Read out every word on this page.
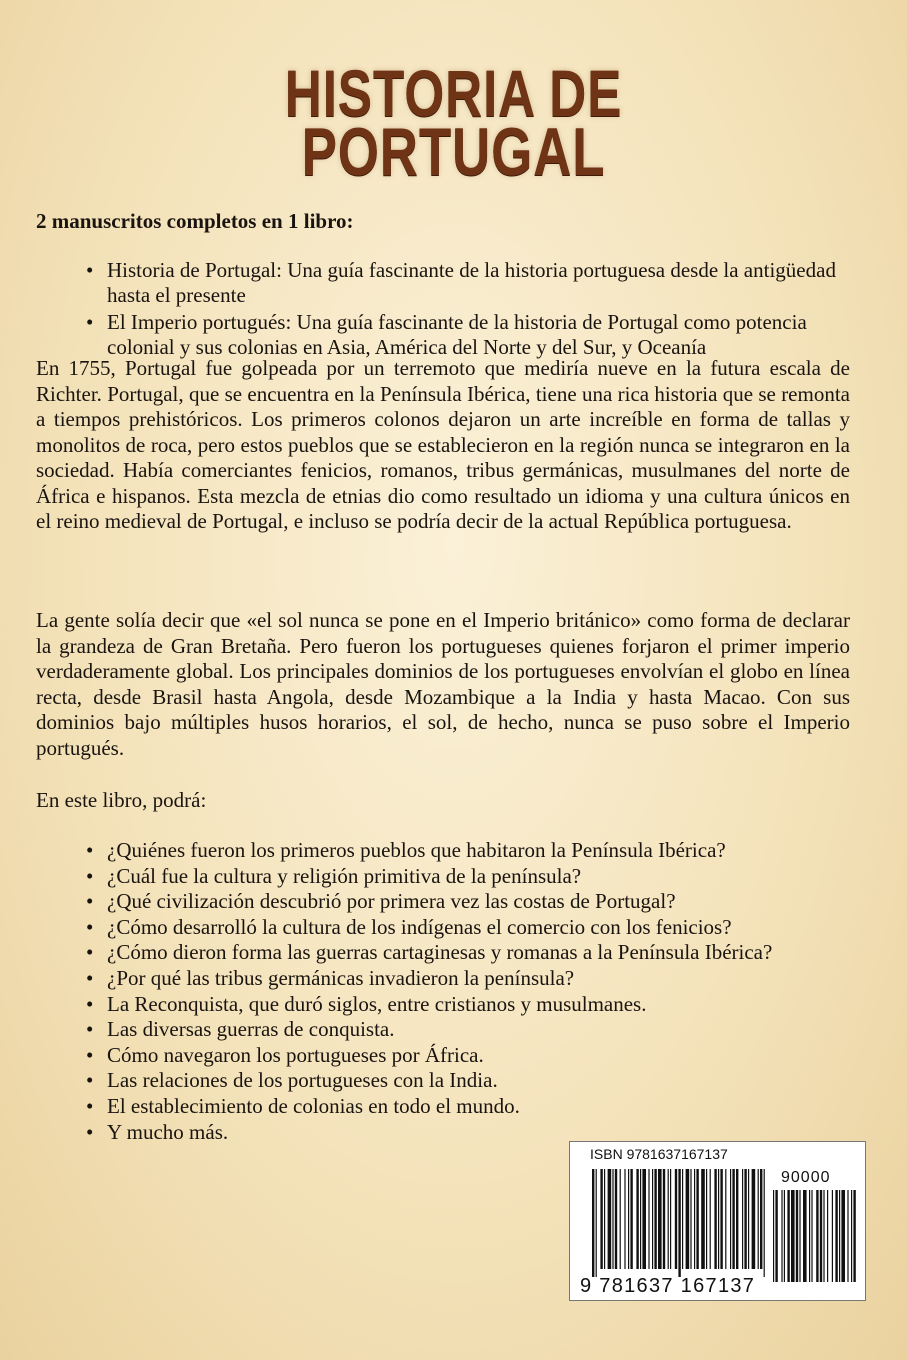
HISTORIA DE
PORTUGAL
2 manuscritos completos en 1 libro:
• Historia de Portugal: Una guía fascinante de la historia portuguesa desde la antigüedad hasta el presente
• El Imperio portugués: Una guía fascinante de la historia de Portugal como potencia colonial y sus colonias en Asia, América del Norte y del Sur, y Oceanía

En 1755, Portugal fue golpeada por un terremoto que mediría nueve en la futura escala de Richter. Portugal, que se encuentra en la Península Ibérica, tiene una rica historia que se remonta a tiempos prehistóricos. Los primeros colonos dejaron un arte increíble en forma de tallas y monolitos de roca, pero estos pueblos que se establecieron en la región nunca se integraron en la sociedad. Había comerciantes fenicios, romanos, tribus germánicas, musulmanes del norte de África e hispanos. Esta mezcla de etnias dio como resultado un idioma y una cultura únicos en el reino medieval de Portugal, e incluso se podría decir de la actual República portuguesa.

La gente solía decir que «el sol nunca se pone en el Imperio británico» como forma de declarar la grandeza de Gran Bretaña. Pero fueron los portugueses quienes forjaron el primer imperio verdaderamente global. Los principales dominios de los portugueses envolvían el globo en línea recta, desde Brasil hasta Angola, desde Mozambique a la India y hasta Macao. Con sus dominios bajo múltiples husos horarios, el sol, de hecho, nunca se puso sobre el Imperio portugués.

En este libro, podrá:

• ¿Quiénes fueron los primeros pueblos que habitaron la Península Ibérica?
• ¿Cuál fue la cultura y religión primitiva de la península?
• ¿Qué civilización descubrió por primera vez las costas de Portugal?
• ¿Cómo desarrolló la cultura de los indígenas el comercio con los fenicios?
• ¿Cómo dieron forma las guerras cartaginesas y romanas a la Península Ibérica?
• ¿Por qué las tribus germánicas invadieron la península?
• La Reconquista, que duró siglos, entre cristianos y musulmanes.
• Las diversas guerras de conquista.
• Cómo navegaron los portugueses por África.
• Las relaciones de los portugueses con la India.
• El establecimiento de colonias en todo el mundo.
• Y mucho más.
ISBN 9781637167137
90000
9 781637 167137
